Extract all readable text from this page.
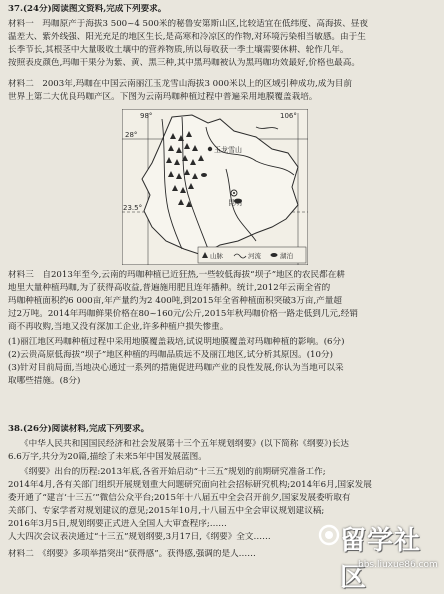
37.(24分)阅读图文资料,完成下列要求。
材料一　玛咖原产于海拔3 500~4 500米的秘鲁安第斯山区,比较适宜在低纬度、高海拔、昼夜
温差大、紫外线强、阳光充足的地区生长,是高寒和冷凉区的作物,对环境污染相当敏感。由于生
长季节长,其根茎中大量吸收土壤中的营养物质,所以每收获一季土壤需要休耕、轮作几年。
按照表皮颜色,玛咖干果分为紫、黄、黑三种,其中黑玛咖被认为黑玛咖功效最好,价格也最高。
材料二　2003年,玛咖在中国云南丽江玉龙雪山海拔3 000米以上的区域引种成功,成为目前
世界上第二大优良玛咖产区。下图为云南玛咖种植过程中普遍采用地膜覆盖栽培。
98°	106°
28°
23.5°
玉龙雪山
昆明
山脉	河流	湖泊
材料三　自2013年至今,云南的玛咖种植已近狂热,一些较低海拔“坝子”地区的农民都在耕
地里大量种植玛咖,为了获得高收益,普遍施用肥且连年播种。统计,2012年云南全省的
玛咖种植面积约6 000亩,年产量约为2 400吨,到2015年全省种植面积突破3万亩,产量超
过2万吨。2014年玛咖鲜果价格在80~160元/公斤,2015年秋玛咖价格一路走低到几元,经销
商不再收购,当地又没有深加工企业,许多种植户损失惨重。
(1)丽江地区玛咖种植过程中采用地膜覆盖栽培,试说明地膜覆盖对玛咖种植的影响。(6分)
(2)云贵高原低海拔“坝子”地区种植的玛咖品质远不及丽江地区,试分析其原因。(10分)
(3)针对目前局面,当地决心通过一系列的措施促进玛咖产业的良性发展,你认为当地可以采
取哪些措施。(8分)
38.(26分)阅读材料,完成下列要求。
《中华人民共和国国民经济和社会发展第十三个五年规划纲要》(以下简称《纲要》)长达
6.6万字,共分为20篇,描绘了未来5年中国发展蓝图。
《纲要》出台的历程:2013年底,各省开始启动“十三五”规划的前期研究准备工作;
2014年4月,各有关部门组织开展规划重大问题研究面向社会招标研究机构;2014年6月,国家发展
委开通了“建言‘十三五’”微信公众平台;2015年十八届五中全会召开前夕,国家发展委听取有
关部门、专家学者对规划建议的意见;2015年10月,十八届五中全会审议规划建议稿;
2016年3月5日,规划纲要正式进入全国人大审查程序;……
人大四次会议表决通过“十三五”规划纲要,3月17日,《纲要》全文……
材料二　《纲要》多项举措突出“获得感”。获得感,强调的是人……	留学社区
bbs.liuxue86.com
